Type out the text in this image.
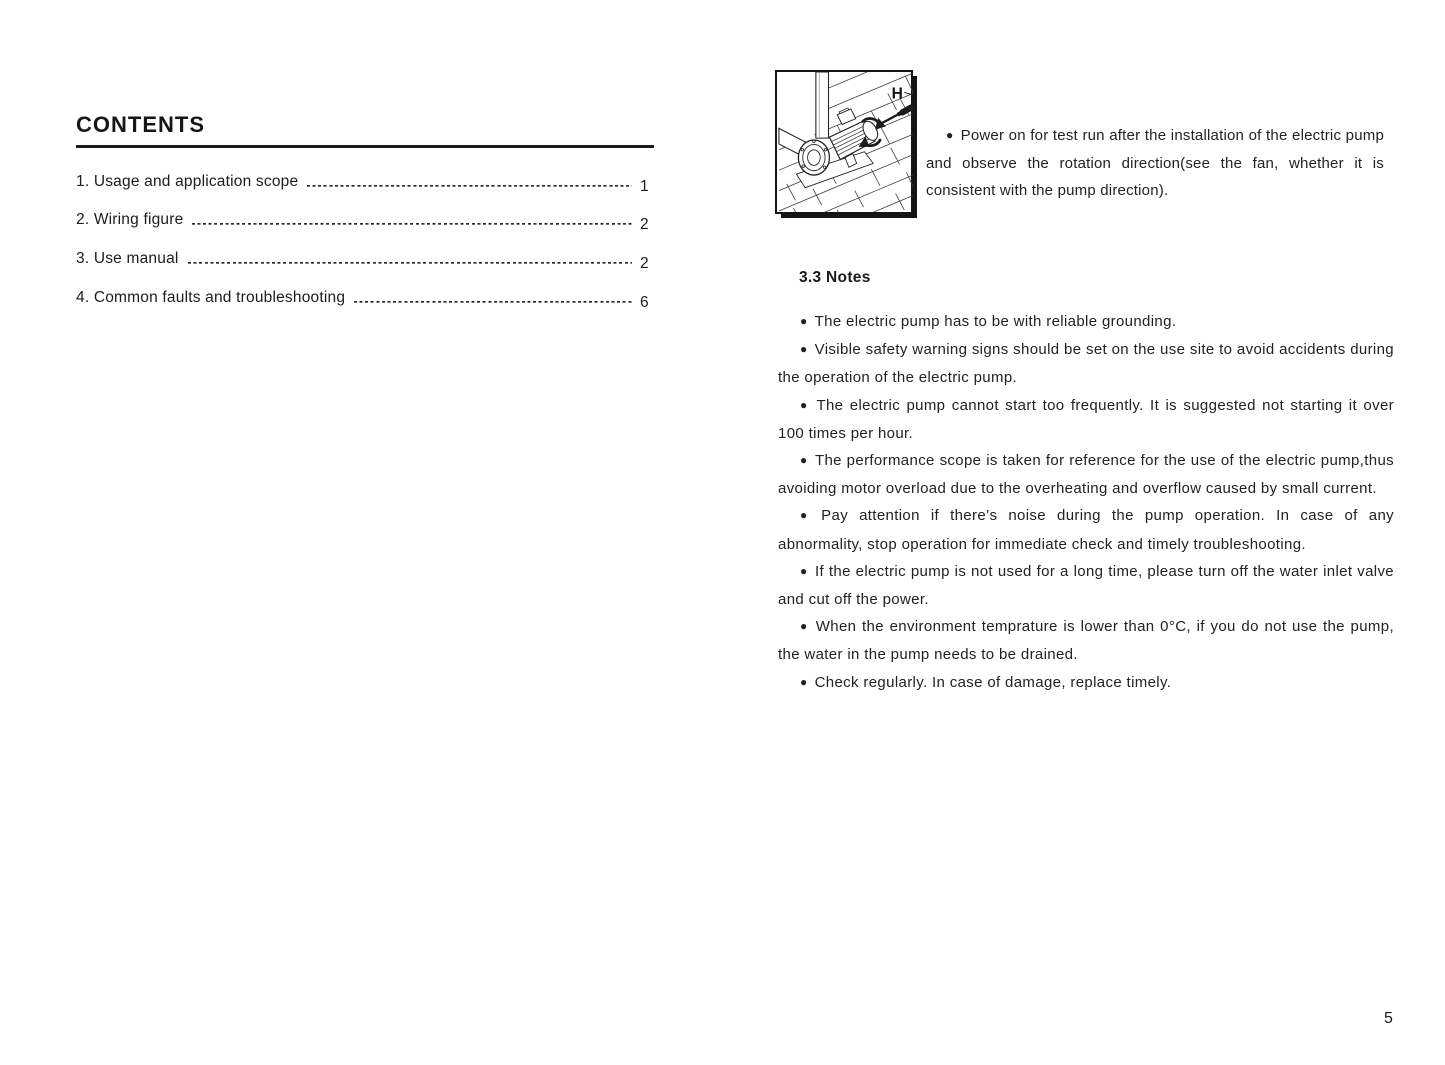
CONTENTS
1. Usage and application scope	1
2. Wiring figure	2
3. Use manual	2
4. Common faults and troubleshooting	6
H

● Power on for test run after the installation of the electric pump and observe the rotation direction(see the fan, whether it is consistent with the pump direction).

3.3 Notes

● The electric pump has to be with reliable grounding.

● Visible safety warning signs should be set on the use site to avoid accidents during the operation of the electric pump.

● The electric pump cannot start too frequently. It is suggested not starting it over 100 times per hour.

● The performance scope is taken for reference for the use of the electric pump,thus avoiding motor overload due to the overheating and overflow caused by small current.

● Pay attention if there’s noise during the pump operation. In case of any abnormality, stop operation for immediate check and timely troubleshooting.

● If the electric pump is not used for a long time, please turn off the water inlet valve and cut off the power.

● When the environment temprature is lower than 0°C, if you do not use the pump, the water in the pump needs to be drained.

● Check regularly. In case of damage, replace timely.

5
